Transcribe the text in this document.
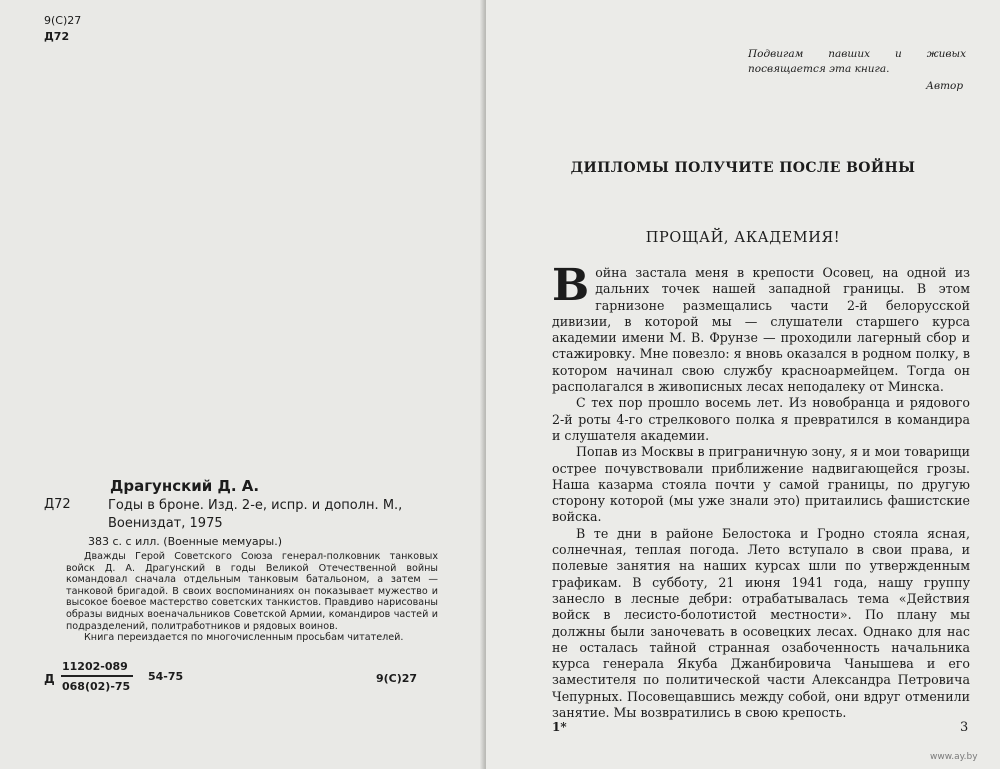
9(С)27
Д72
Драгунский Д. А.
Д72	Годы в броне. Изд. 2-е, испр. и дополн. М., Воениздат, 1975
383 с. с илл. (Военные мемуары.)

Дважды Герой Советского Союза генерал-полковник танковых войск Д. А. Драгунский в годы Великой Отечественной войны командовал сначала отдельным танковым батальоном, а затем — танковой бригадой. В своих воспоминаниях он показывает мужество и высокое боевое мастерство советских танкистов. Правдиво нарисованы образы видных военачальников Советской Армии, командиров частей и подразделений, политработников и рядовых воинов.

Книга переиздается по многочисленным просьбам читателей.

Д
11202-089
068(02)-75
54-75	9(С)27
Подвигам павших и живых посвящается эта книга.
Автор
ДИПЛОМЫ ПОЛУЧИТЕ ПОСЛЕ ВОЙНЫ
ПРОЩАЙ, АКАДЕМИЯ!

Война застала меня в крепости Осовец, на одной из дальних точек нашей западной границы. В этом гарнизоне размещались части 2-й белорусской дивизии, в которой мы — слушатели старшего курса академии имени М. В. Фрунзе — проходили лагерный сбор и стажировку. Мне повезло: я вновь оказался в родном полку, в котором начинал свою службу красноармейцем. Тогда он располагался в живописных лесах неподалеку от Минска.

С тех пор прошло восемь лет. Из новобранца и рядового 2-й роты 4-го стрелкового полка я превратился в командира и слушателя академии.

Попав из Москвы в приграничную зону, я и мои товарищи острее почувствовали приближение надвигающейся грозы. Наша казарма стояла почти у самой границы, по другую сторону которой (мы уже знали это) притаились фашистские войска.

В те дни в районе Белостока и Гродно стояла ясная, солнечная, теплая погода. Лето вступало в свои права, и полевые занятия на наших курсах шли по утвержденным графикам. В субботу, 21 июня 1941 года, нашу группу занесло в лесные дебри: отрабатывалась тема «Действия войск в лесисто-болотистой местности». По плану мы должны были заночевать в осовецких лесах. Однако для нас не осталась тайной странная озабоченность начальника курса генерала Якуба Джанбировича Чанышева и его заместителя по политической части Александра Петровича Чепурных. Посовещавшись между собой, они вдруг отменили занятие. Мы возвратились в свою крепость.

1*	3
www.ay.by
